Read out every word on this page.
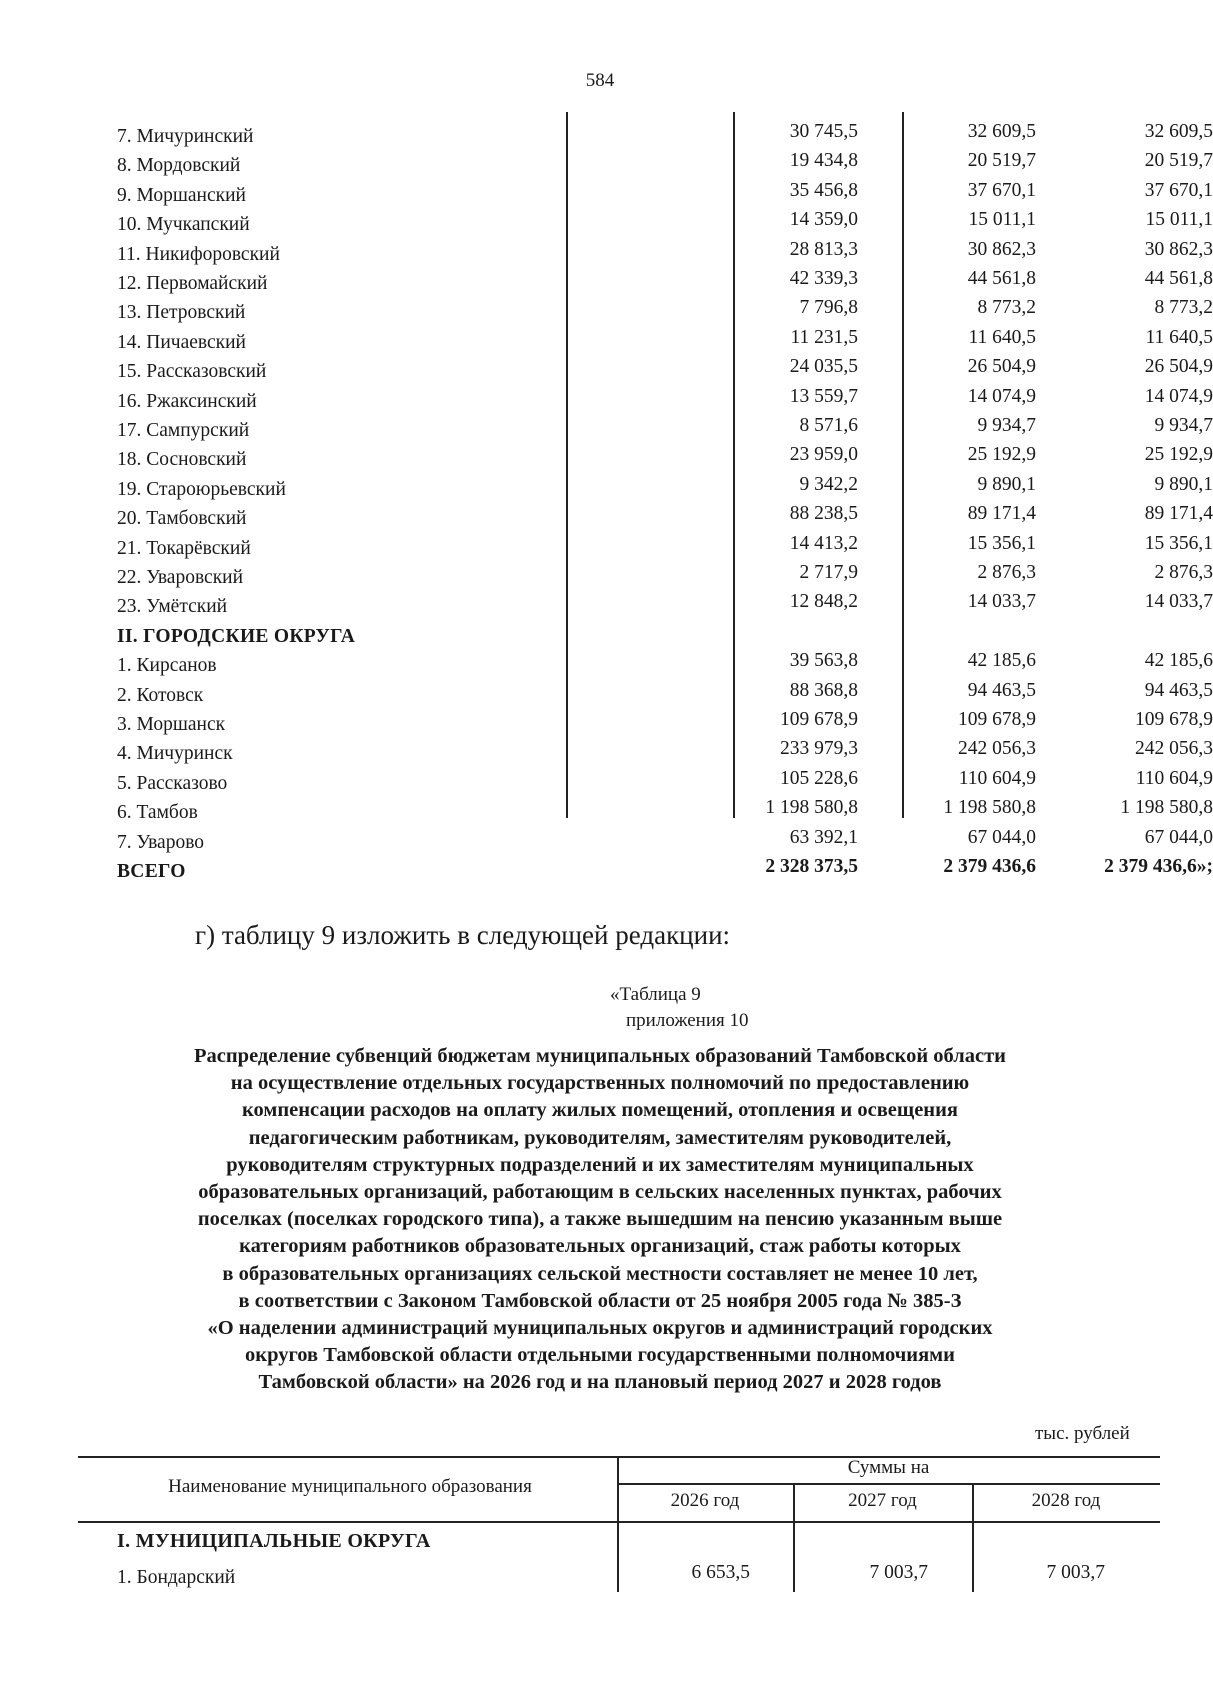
584
7. Мичуринский	30 745,5	32 609,5	32 609,5
8. Мордовский	19 434,8	20 519,7	20 519,7
9. Моршанский	35 456,8	37 670,1	37 670,1
10. Мучкапский	14 359,0	15 011,1	15 011,1
11. Никифоровский	28 813,3	30 862,3	30 862,3
12. Первомайский	42 339,3	44 561,8	44 561,8
13. Петровский	7 796,8	8 773,2	8 773,2
14. Пичаевский	11 231,5	11 640,5	11 640,5
15. Рассказовский	24 035,5	26 504,9	26 504,9
16. Ржаксинский	13 559,7	14 074,9	14 074,9
17. Сампурский	8 571,6	9 934,7	9 934,7
18. Сосновский	23 959,0	25 192,9	25 192,9
19. Староюрьевский	9 342,2	9 890,1	9 890,1
20. Тамбовский	88 238,5	89 171,4	89 171,4
21. Токарёвский	14 413,2	15 356,1	15 356,1
22. Уваровский	2 717,9	2 876,3	2 876,3
23. Умётский	12 848,2	14 033,7	14 033,7
II. ГОРОДСКИЕ ОКРУГА
1. Кирсанов	39 563,8	42 185,6	42 185,6
2. Котовск	88 368,8	94 463,5	94 463,5
3. Моршанск	109 678,9	109 678,9	109 678,9
4. Мичуринск	233 979,3	242 056,3	242 056,3
5. Рассказово	105 228,6	110 604,9	110 604,9
6. Тамбов	1 198 580,8	1 198 580,8	1 198 580,8
7. Уварово	63 392,1	67 044,0	67 044,0
ВСЕГО	2 328 373,5	2 379 436,6	2 379 436,6»;
г) таблицу 9 изложить в следующей редакции:
«Таблица 9
приложения 10
Распределение субвенций бюджетам муниципальных образований Тамбовской области
на осуществление отдельных государственных полномочий по предоставлению
компенсации расходов на оплату жилых помещений, отопления и освещения
педагогическим работникам, руководителям, заместителям руководителей,
руководителям структурных подразделений и их заместителям муниципальных
образовательных организаций, работающим в сельских населенных пунктах, рабочих
поселках (поселках городского типа), а также вышедшим на пенсию указанным выше
категориям работников образовательных организаций, стаж работы которых
в образовательных организациях сельской местности составляет не менее 10 лет,
в соответствии с Законом Тамбовской области от 25 ноября 2005 года № 385-З
«О наделении администраций муниципальных округов и администраций городских
округов Тамбовской области отдельными государственными полномочиями
Тамбовской области» на 2026 год и на плановый период 2027 и 2028 годов
тыс. рублей
Наименование муниципального образования
Суммы на
2026 год	2027 год	2028 год
I. МУНИЦИПАЛЬНЫЕ ОКРУГА
1. Бондарский	6 653,5	7 003,7	7 003,7
